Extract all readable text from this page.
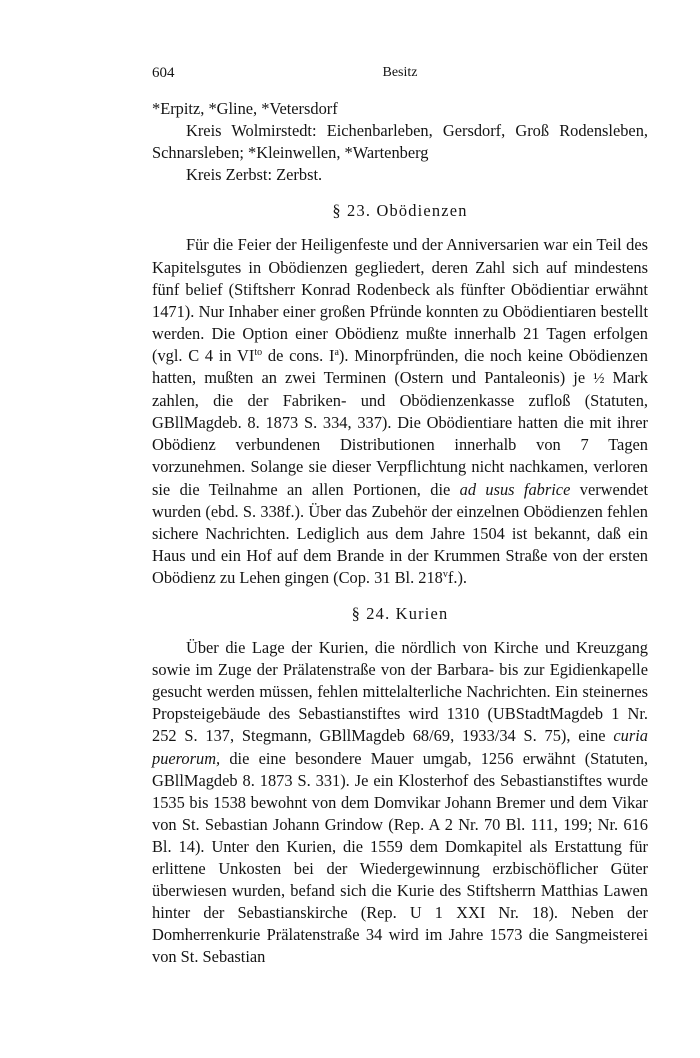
604	Besitz

*Erpitz, *Gline, *Vetersdorf

Kreis Wolmirstedt: Eichenbarleben, Gersdorf, Groß Rodensleben, Schnarsleben; *Kleinwellen, *Wartenberg

Kreis Zerbst: Zerbst.

§ 23. Obödienzen

Für die Feier der Heiligenfeste und der Anniversarien war ein Teil des Kapitelsgutes in Obödienzen gegliedert, deren Zahl sich auf mindestens fünf belief (Stiftsherr Konrad Rodenbeck als fünfter Obödientiar erwähnt 1471). Nur Inhaber einer großen Pfründe konnten zu Obödientiaren bestellt werden. Die Option einer Obödienz mußte innerhalb 21 Tagen erfolgen (vgl. C 4 in $VI^{to}$ de cons. $I^a$). Minorpfründen, die noch keine Obödienzen hatten, mußten an zwei Terminen (Ostern und Pantaleonis) je ½ Mark zahlen, die der Fabriken- und Obödienzenkasse zufloß (Statuten, GBllMagdeb. 8. 1873 S. 334, 337). Die Obödientiare hatten die mit ihrer Obödienz verbundenen Distributionen innerhalb von 7 Tagen vorzunehmen. Solange sie dieser Verpflichtung nicht nachkamen, verloren sie die Teilnahme an allen Portionen, die ad usus fabrice verwendet wurden (ebd. S. 338f.). Über das Zubehör der einzelnen Obödienzen fehlen sichere Nachrichten. Lediglich aus dem Jahre 1504 ist bekannt, daß ein Haus und ein Hof auf dem Brande in der Krummen Straße von der ersten Obödienz zu Lehen gingen (Cop. 31 Bl. 218$^v$f.).

§ 24. Kurien

Über die Lage der Kurien, die nördlich von Kirche und Kreuzgang sowie im Zuge der Prälatenstraße von der Barbara- bis zur Egidienkapelle gesucht werden müssen, fehlen mittelalterliche Nachrichten. Ein steinernes Propsteigebäude des Sebastianstiftes wird 1310 (UBStadtMagdeb 1 Nr. 252 S. 137, Stegmann, GBllMagdeb 68/69, 1933/34 S. 75), eine curia puerorum, die eine besondere Mauer umgab, 1256 erwähnt (Statuten, GBllMagdeb 8. 1873 S. 331). Je ein Klosterhof des Sebastianstiftes wurde 1535 bis 1538 bewohnt von dem Domvikar Johann Bremer und dem Vikar von St. Sebastian Johann Grindow (Rep. A 2 Nr. 70 Bl. 111, 199; Nr. 616 Bl. 14). Unter den Kurien, die 1559 dem Domkapitel als Erstattung für erlittene Unkosten bei der Wiedergewinnung erzbischöflicher Güter überwiesen wurden, befand sich die Kurie des Stiftsherrn Matthias Lawen hinter der Sebastianskirche (Rep. U 1 XXI Nr. 18). Neben der Domherrenkurie Prälatenstraße 34 wird im Jahre 1573 die Sangmeisterei von St. Sebastian
